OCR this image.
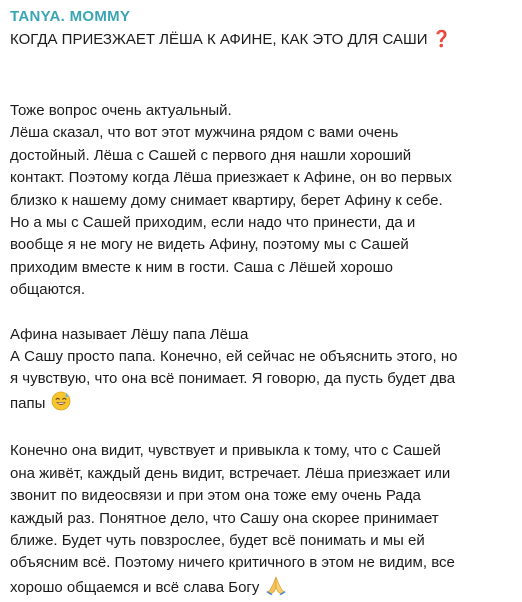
TANYA. MOMMY
КОГДА ПРИЕЗЖАЕТ ЛЁША К АФИНЕ, КАК ЭТО ДЛЯ САШИ ❓
Тоже вопрос очень актуальный.
Лёша сказал, что вот этот мужчина рядом с вами очень
достойный. Лёша с Сашей с первого дня нашли хороший
контакт. Поэтому когда Лёша приезжает к Афине, он во первых
близко к нашему дому снимает квартиру, берет Афину к себе.
Но а мы с Сашей приходим, если надо что принести, да и
вообще я не могу не видеть Афину, поэтому мы с Сашей
приходим вместе к ним в гости. Саша с Лёшей хорошо
общаются.
Афина называет Лёшу папа Лёша
А Сашу просто папа. Конечно, ей сейчас не объяснить этого, но
я чувствую, что она всё понимает. Я говорю, да пусть будет два
папы
Конечно она видит, чувствует и привыкла к тому, что с Сашей
она живёт, каждый день видит, встречает. Лёша приезжает или
звонит по видеосвязи и при этом она тоже ему очень Рада
каждый раз. Понятное дело, что Сашу она скорее принимает
ближе. Будет чуть повзрослее, будет всё понимать и мы ей
объясним всё. Поэтому ничего критичного в этом не видим, все
хорошо общаемся и всё слава Богу
